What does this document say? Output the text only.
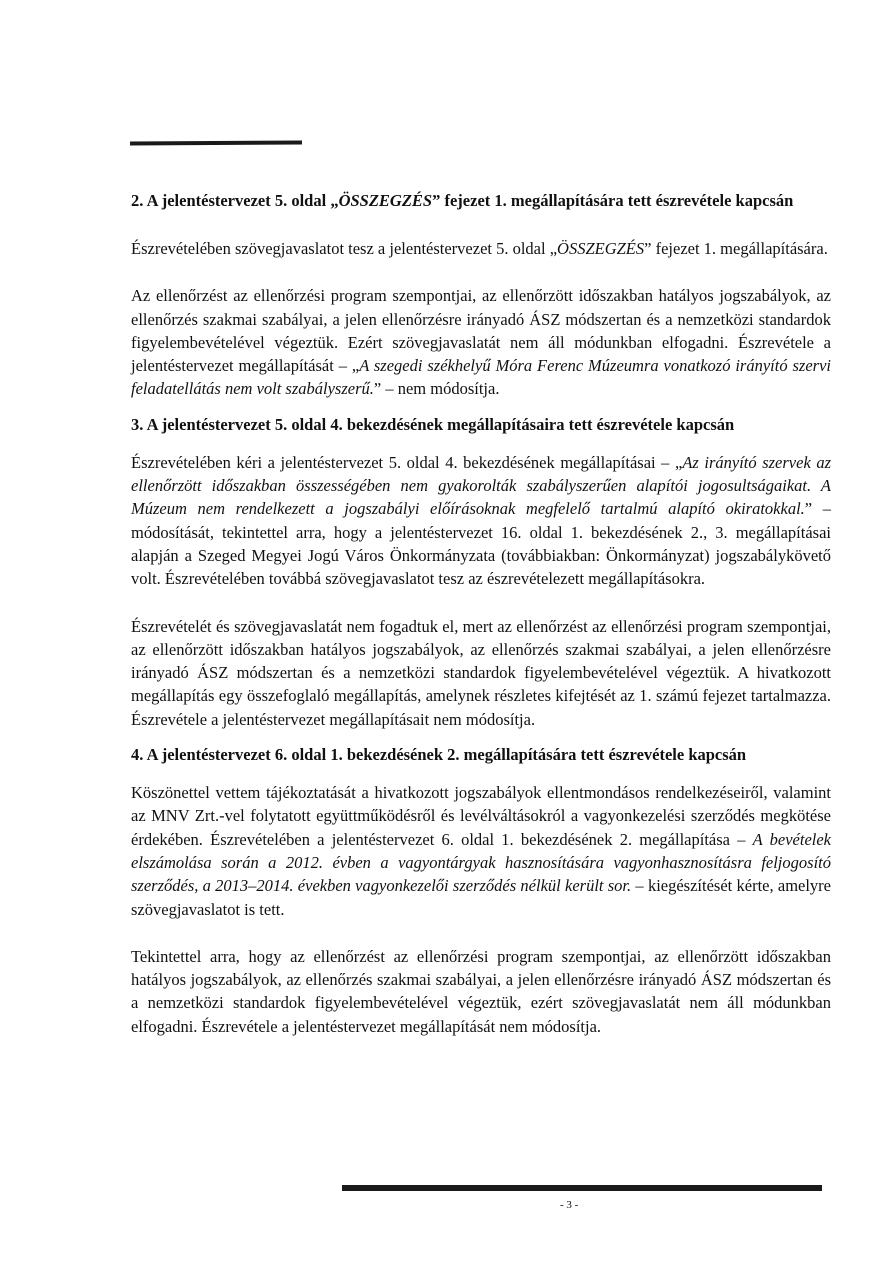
2. A jelentéstervezet 5. oldal „ÖSSZEGZÉS” fejezet 1. megállapítására tett észrevétele kapcsán

Észrevételében szövegjavaslatot tesz a jelentéstervezet 5. oldal „ÖSSZEGZÉS” fejezet 1. megállapítására.

Az ellenőrzést az ellenőrzési program szempontjai, az ellenőrzött időszakban hatályos jogszabályok, az ellenőrzés szakmai szabályai, a jelen ellenőrzésre irányadó ÁSZ módszertan és a nemzetközi standardok figyelembevételével végeztük. Ezért szövegjavaslatát nem áll módunkban elfogadni. Észrevétele a jelentéstervezet megállapítását – „A szegedi székhelyű Móra Ferenc Múzeumra vonatkozó irányító szervi feladatellátás nem volt szabályszerű.” – nem módosítja.

3. A jelentéstervezet 5. oldal 4. bekezdésének megállapításaira tett észrevétele kapcsán

Észrevételében kéri a jelentéstervezet 5. oldal 4. bekezdésének megállapításai – „Az irányító szervek az ellenőrzött időszakban összességében nem gyakorolták szabályszerűen alapítói jogosultságaikat. A Múzeum nem rendelkezett a jogszabályi előírásoknak megfelelő tartalmú alapító okiratokkal.” – módosítását, tekintettel arra, hogy a jelentéstervezet 16. oldal 1. bekezdésének 2., 3. megállapításai alapján a Szeged Megyei Jogú Város Önkormányzata (továbbiakban: Önkormányzat) jogszabálykövető volt. Észrevételében továbbá szövegjavaslatot tesz az észrevételezett megállapításokra.

Észrevételét és szövegjavaslatát nem fogadtuk el, mert az ellenőrzést az ellenőrzési program szempontjai, az ellenőrzött időszakban hatályos jogszabályok, az ellenőrzés szakmai szabályai, a jelen ellenőrzésre irányadó ÁSZ módszertan és a nemzetközi standardok figyelembevételével végeztük. A hivatkozott megállapítás egy összefoglaló megállapítás, amelynek részletes kifejtését az 1. számú fejezet tartalmazza. Észrevétele a jelentéstervezet megállapításait nem módosítja.

4. A jelentéstervezet 6. oldal 1. bekezdésének 2. megállapítására tett észrevétele kapcsán

Köszönettel vettem tájékoztatását a hivatkozott jogszabályok ellentmondásos rendelkezéseiről, valamint az MNV Zrt.-vel folytatott együttműködésről és levélváltásokról a vagyonkezelési szerződés megkötése érdekében. Észrevételében a jelentéstervezet 6. oldal 1. bekezdésének 2. megállapítása – A bevételek elszámolása során a 2012. évben a vagyontárgyak hasznosítására vagyonhasznosításra feljogosító szerződés, a 2013–2014. években vagyonkezelői szerződés nélkül került sor. – kiegészítését kérte, amelyre szövegjavaslatot is tett.

Tekintettel arra, hogy az ellenőrzést az ellenőrzési program szempontjai, az ellenőrzött időszakban hatályos jogszabályok, az ellenőrzés szakmai szabályai, a jelen ellenőrzésre irányadó ÁSZ módszertan és a nemzetközi standardok figyelembevételével végeztük, ezért szövegjavaslatát nem áll módunkban elfogadni. Észrevétele a jelentéstervezet megállapítását nem módosítja.

- 3 -
